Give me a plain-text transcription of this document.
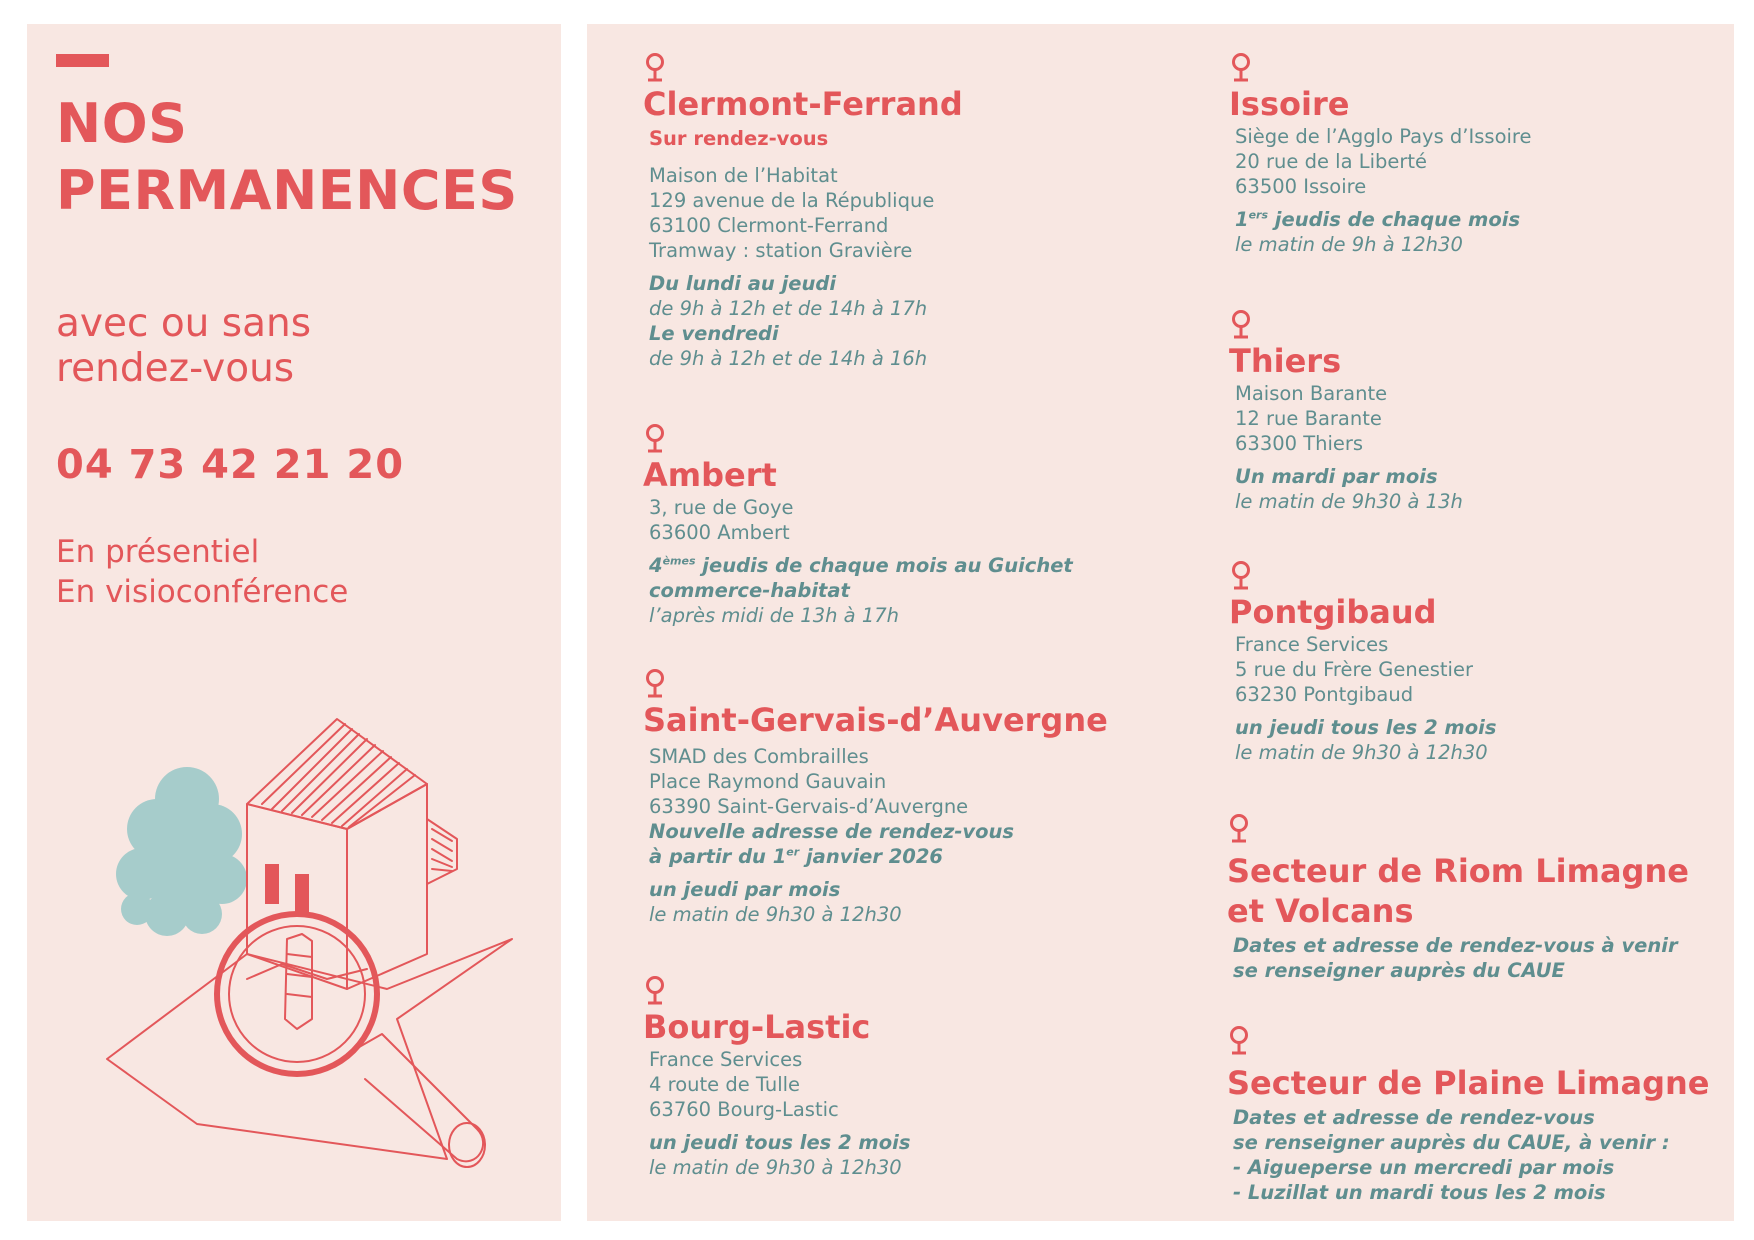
NOS
PERMANENCES
avec ou sans
rendez-vous
04 73 42 21 20
En présentiel
En visioconférence
Clermont-Ferrand
Sur rendez-vous
Maison de l’Habitat
129 avenue de la République
63100 Clermont-Ferrand
Tramway : station Gravière
Du lundi au jeudi
de 9h à 12h et de 14h à 17h
Le vendredi
de 9h à 12h et de 14h à 16h
Ambert
3, rue de Goye
63600 Ambert
4èmes jeudis de chaque mois au Guichet
commerce-habitat
l’après midi de 13h à 17h
Saint-Gervais-d’Auvergne
SMAD des Combrailles
Place Raymond Gauvain
63390 Saint-Gervais-d’Auvergne
Nouvelle adresse de rendez-vous
à partir du 1er janvier 2026
un jeudi par mois
le matin de 9h30 à 12h30
Bourg-Lastic
France Services
4 route de Tulle
63760 Bourg-Lastic
un jeudi tous les 2 mois
le matin de 9h30 à 12h30
Issoire
Siège de l’Agglo Pays d’Issoire
20 rue de la Liberté
63500 Issoire
1ers jeudis de chaque mois
le matin de 9h à 12h30
Thiers
Maison Barante
12 rue Barante
63300 Thiers
Un mardi par mois
le matin de 9h30 à 13h
Pontgibaud
France Services
5 rue du Frère Genestier
63230 Pontgibaud
un jeudi tous les 2 mois
le matin de 9h30 à 12h30
Secteur de Riom Limagne
et Volcans
Dates et adresse de rendez-vous à venir
se renseigner auprès du CAUE
Secteur de Plaine Limagne
Dates et adresse de rendez-vous
se renseigner auprès du CAUE, à venir :
- Aigueperse un mercredi par mois
- Luzillat un mardi tous les 2 mois
